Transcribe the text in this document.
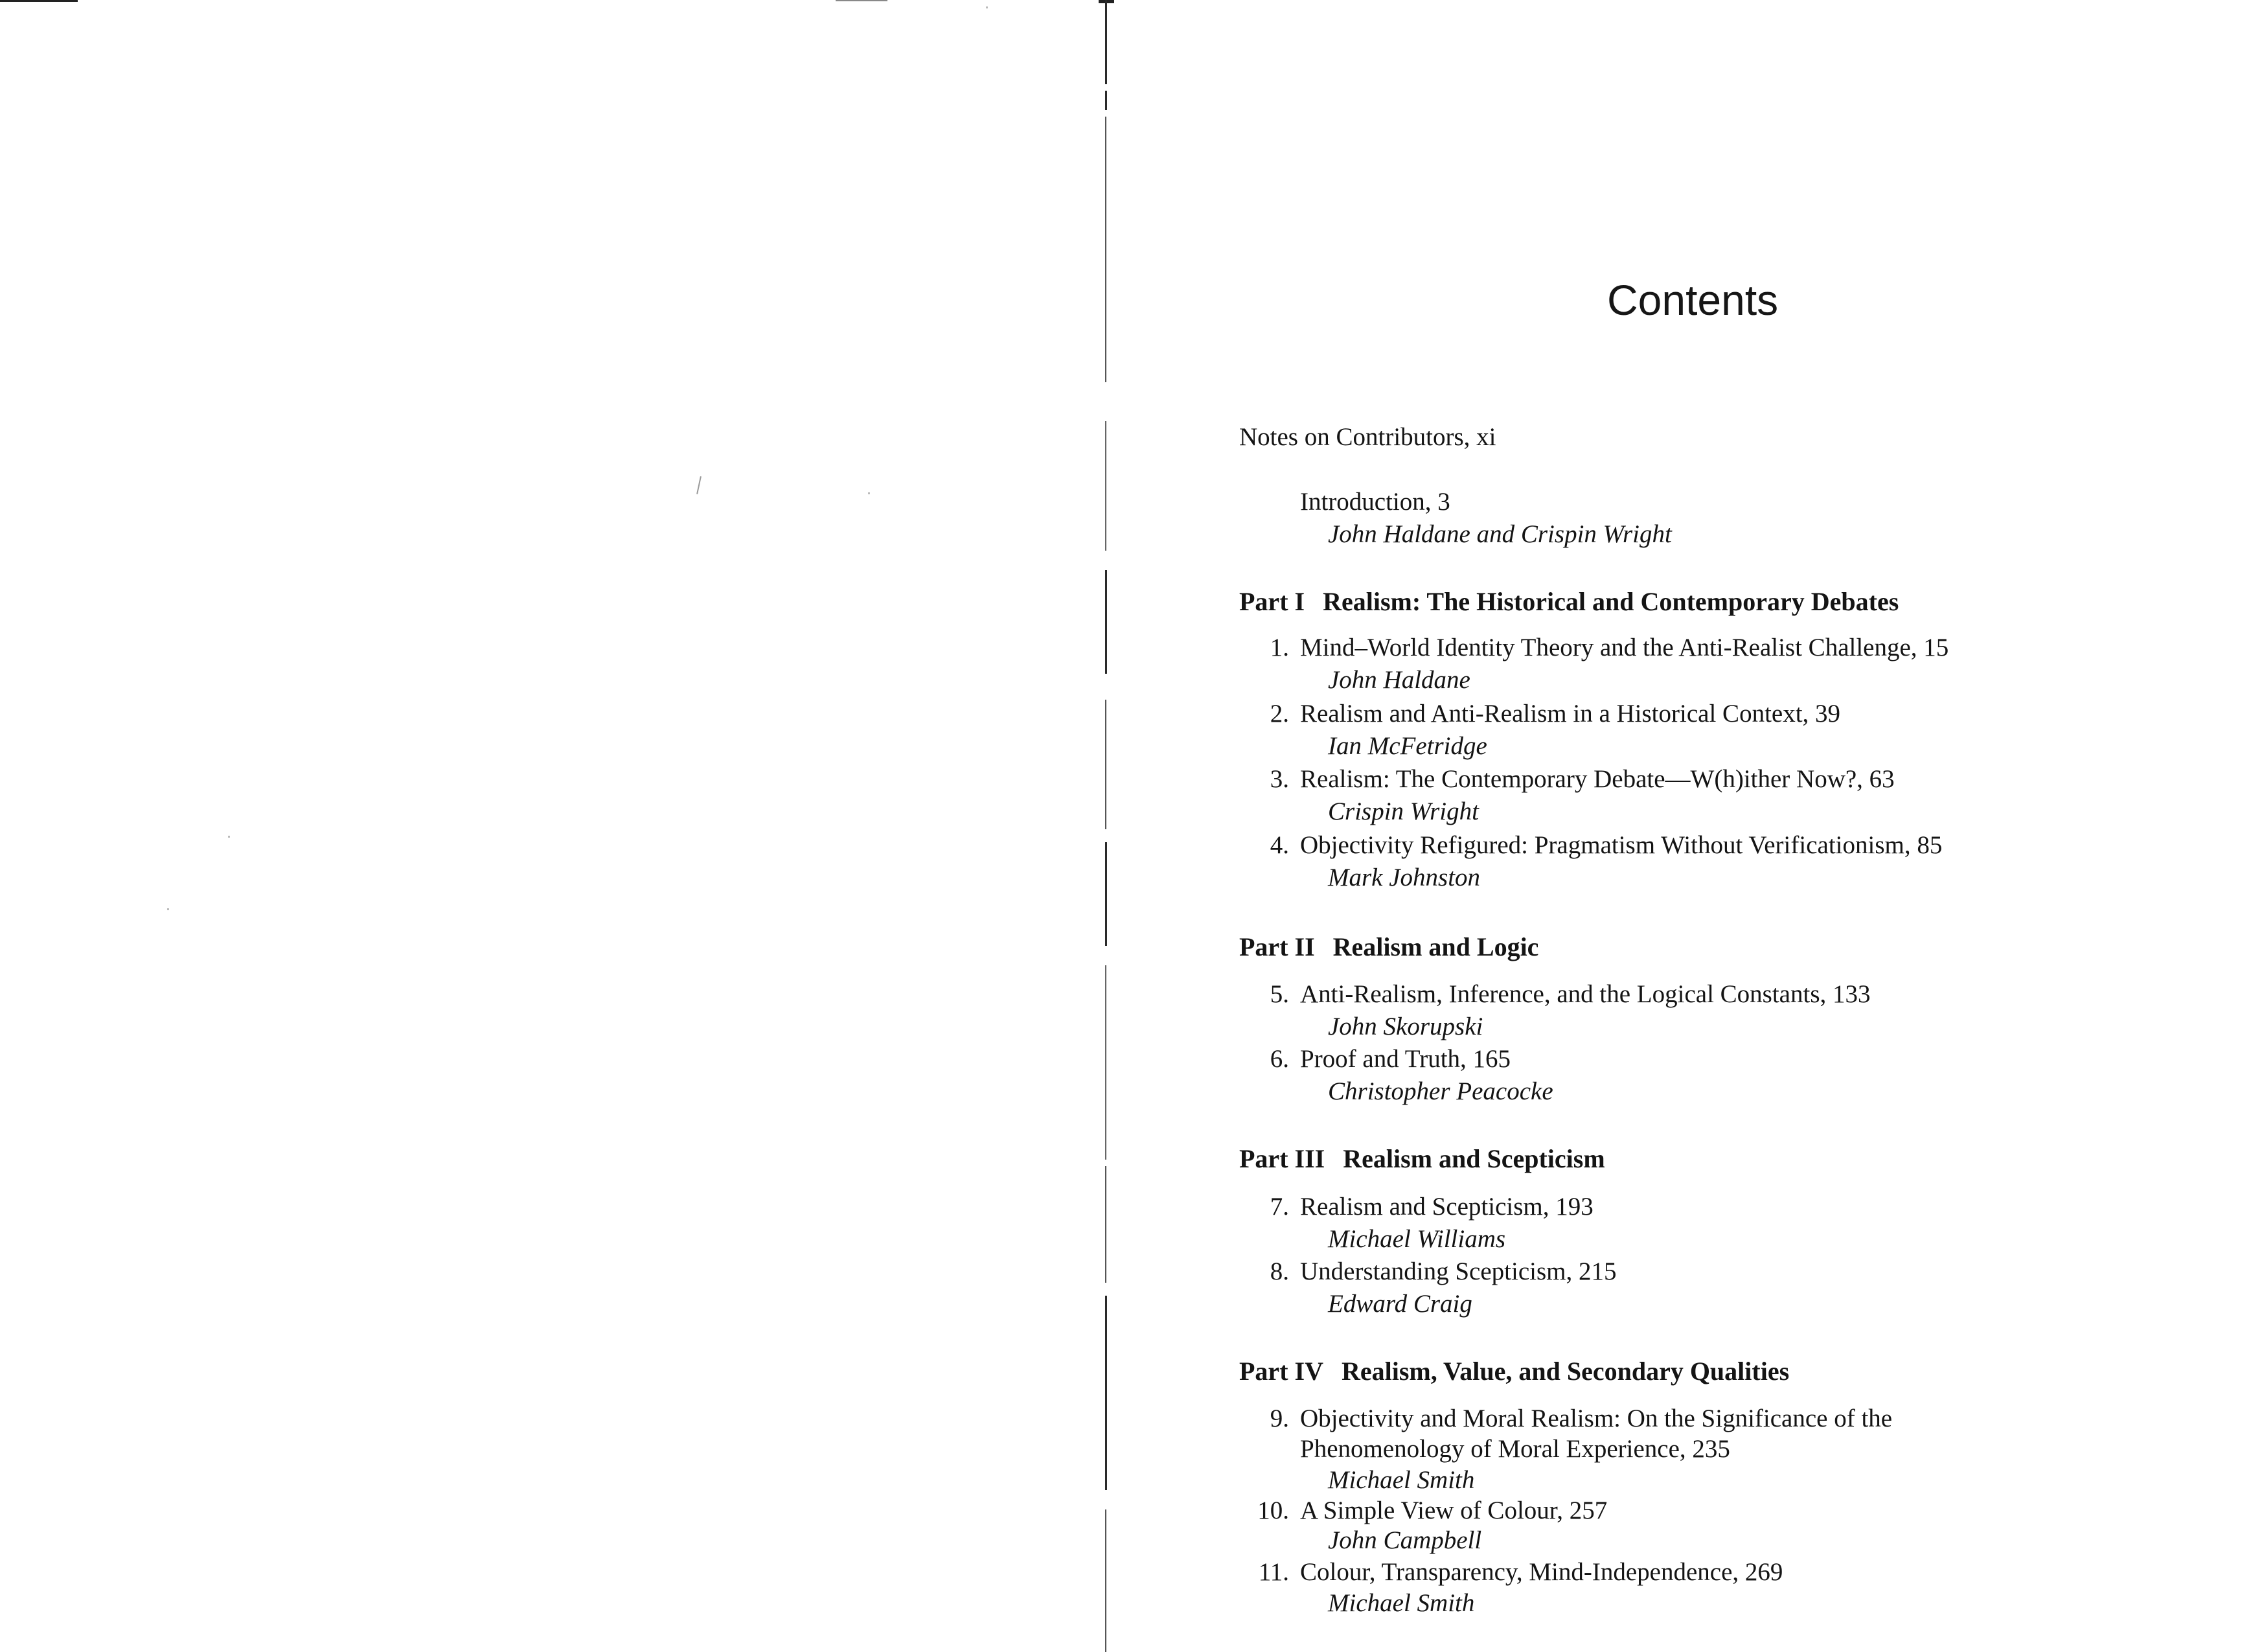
Contents
Notes on Contributors, xi
Introduction, 3
John Haldane and Crispin Wright
Part I Realism: The Historical and Contemporary Debates
1. Mind–World Identity Theory and the Anti-Realist Challenge, 15
John Haldane
2. Realism and Anti-Realism in a Historical Context, 39
Ian McFetridge
3. Realism: The Contemporary Debate—W(h)ither Now?, 63
Crispin Wright
4. Objectivity Refigured: Pragmatism Without Verificationism, 85
Mark Johnston
Part II Realism and Logic
5. Anti-Realism, Inference, and the Logical Constants, 133
John Skorupski
6. Proof and Truth, 165
Christopher Peacocke
Part III Realism and Scepticism
7. Realism and Scepticism, 193
Michael Williams
8. Understanding Scepticism, 215
Edward Craig
Part IV Realism, Value, and Secondary Qualities
9. Objectivity and Moral Realism: On the Significance of the
Phenomenology of Moral Experience, 235
Michael Smith
10. A Simple View of Colour, 257
John Campbell
11. Colour, Transparency, Mind-Independence, 269
Michael Smith
